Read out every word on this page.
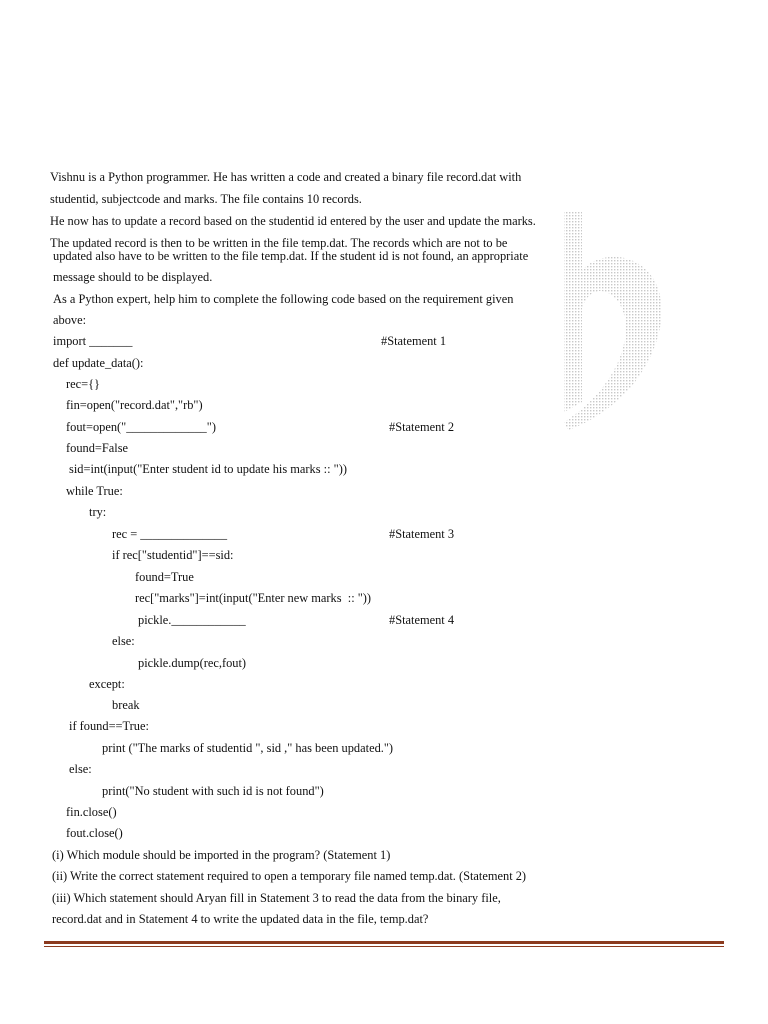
Vishnu is a Python programmer. He has written a code and created a binary file record.dat with
studentid, subjectcode and marks. The file contains 10 records.
He now has to update a record based on the studentid id entered by the user and update the marks.
The updated record is then to be written in the file temp.dat. The records which are not to be
updated also have to be written to the file temp.dat. If the student id is not found, an appropriate
message should to be displayed.
As a Python expert, help him to complete the following code based on the requirement given
above:
import _______	#Statement 1
def update_data():
rec={}
fin=open("record.dat","rb")
fout=open("_____________")	#Statement 2
found=False
sid=int(input("Enter student id to update his marks :: "))
while True:
try:
rec = ______________	#Statement 3
if rec["studentid"]==sid:
found=True
rec["marks"]=int(input("Enter new marks  :: "))
pickle.____________	#Statement 4
else:
pickle.dump(rec,fout)
except:
break
if found==True:
print ("The marks of studentid ", sid ," has been updated.")
else:
print("No student with such id is not found")
fin.close()
fout.close()
(i) Which module should be imported in the program? (Statement 1)
(ii) Write the correct statement required to open a temporary file named temp.dat. (Statement 2)
(iii) Which statement should Aryan fill in Statement 3 to read the data from the binary file,
record.dat and in Statement 4 to write the updated data in the file, temp.dat?
